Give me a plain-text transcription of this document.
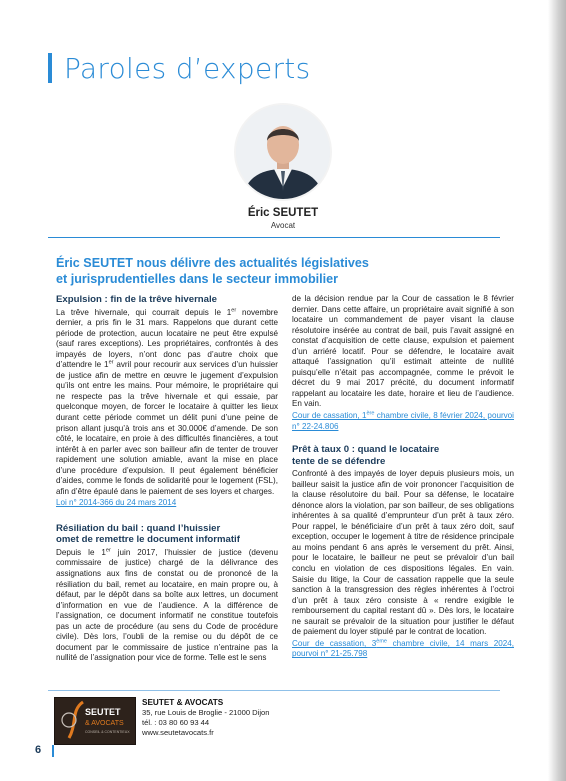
Paroles d’experts
Éric SEUTET
Avocat
Éric SEUTET nous délivre des actualités législatives
et jurisprudentielles dans le secteur immobilier
Expulsion : fin de la trêve hivernale

La trêve hivernale, qui courrait depuis le 1er novembre dernier, a pris fin le 31 mars. Rappelons que durant cette période de protection, aucun locataire ne peut être expulsé (sauf rares exceptions). Les propriétaires, confrontés à des impayés de loyers, n’ont donc pas d’autre choix que d’attendre le 1er avril pour recourir aux services d’un huissier de justice afin de mettre en œuvre le jugement d’expulsion qu’ils ont entre les mains. Pour mémoire, le propriétaire qui ne respecte pas la trêve hivernale et qui essaie, par quelconque moyen, de forcer le locataire à quitter les lieux durant cette période commet un délit puni d’une peine de prison allant jusqu’à trois ans et 30.000€ d’amende. De son côté, le locataire, en proie à des difficultés financières, a tout intérêt à en parler avec son bailleur afin de tenter de trouver rapidement une solution amiable, avant la mise en place d’une procédure d’expulsion. Il peut également bénéficier d’aides, comme le fonds de solidarité pour le logement (FSL), afin d’être épaulé dans le paiement de ses loyers et charges.

Loi n° 2014-366 du 24 mars 2014

Résiliation du bail : quand l’huissier
omet de remettre le document informatif

Depuis le 1er juin 2017, l’huissier de justice (devenu commissaire de justice) chargé de la délivrance des assignations aux fins de constat ou de prononcé de la résiliation du bail, remet au locataire, en main propre ou, à défaut, par le dépôt dans sa boîte aux lettres, un document d’information en vue de l’audience. A la différence de l’assignation, ce document informatif ne constitue toutefois pas un acte de procédure (au sens du Code de procédure civile). Dès lors, l’oubli de la remise ou du dépôt de ce document par le commissaire de justice n’entraine pas la nullité de l’assignation pour vice de forme. Telle est le sens

de la décision rendue par la Cour de cassation le 8 février dernier. Dans cette affaire, un propriétaire avait signifié à son locataire un commandement de payer visant la clause résolutoire insérée au contrat de bail, puis l’avait assigné en constat d’acquisition de cette clause, expulsion et paiement d’un arriéré locatif. Pour se défendre, le locataire avait attaqué l’assignation qu’il estimait atteinte de nullité puisqu’elle n’était pas accompagnée, comme le prévoit le décret du 9 mai 2017 précité, du document informatif rappelant au locataire les date, horaire et lieu de l’audience. En vain.

Cour de cassation, 1ère chambre civile, 8 février 2024, pourvoi n° 22-24.806

Prêt à taux 0 : quand le locataire
tente de se défendre

Confronté à des impayés de loyer depuis plusieurs mois, un bailleur saisit la justice afin de voir prononcer l’acquisition de la clause résolutoire du bail. Pour sa défense, le locataire dénonce alors la violation, par son bailleur, de ses obligations inhérentes à sa qualité d’emprunteur d’un prêt à taux zéro. Pour rappel, le bénéficiaire d’un prêt à taux zéro doit, sauf exception, occuper le logement à titre de résidence principale au moins pendant 6 ans après le versement du prêt. Ainsi, pour le locataire, le bailleur ne peut se prévaloir d’un bail conclu en violation de ces dispositions légales. En vain. Saisie du litige, la Cour de cassation rappelle que la seule sanction à la transgression des règles inhérentes à l’octroi d’un prêt à taux zéro consiste à « rendre exigible le remboursement du capital restant dû ». Dès lors, le locataire ne saurait se prévaloir de la situation pour justifier le défaut de paiement du loyer stipulé par le contrat de location.

Cour de cassation, 3ème chambre civile, 14 mars 2024, pourvoi n° 21-25.798

SEUTET
& AVOCATS
CONSEIL & CONTENTIEUX
SEUTET & AVOCATS
35, rue Louis de Broglie - 21000 Dijon
tél. : 03 80 60 93 44
www.seutetavocats.fr
6
